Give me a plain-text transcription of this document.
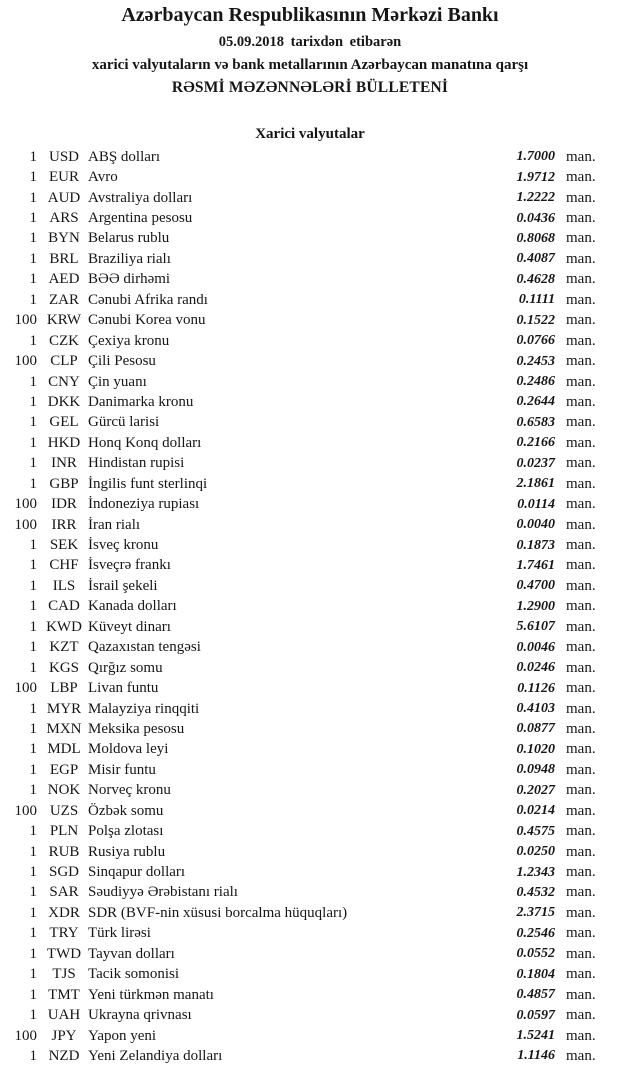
Azərbaycan Respublikasının Mərkəzi Bankı
05.09.2018 tarixdən etibarən
xarici valyutaların və bank metallarının Azərbaycan manatına qarşı
RƏSMİ MƏZƏNNƏLƏRİ BÜLLETENİ
Xarici valyutalar
1 USD ABŞ dolları	1.7000 man.
1 EUR Avro	1.9712 man.
1 AUD Avstraliya dolları	1.2222 man.
1 ARS Argentina pesosu	0.0436 man.
1 BYN Belarus rublu	0.8068 man.
1 BRL Braziliya rialı	0.4087 man.
1 AED BƏƏ dirhəmi	0.4628 man.
1 ZAR Cənubi Afrika randı	0.1111 man.
100 KRW Cənubi Korea vonu	0.1522 man.
1 CZK Çexiya kronu	0.0766 man.
100 CLP Çili Pesosu	0.2453 man.
1 CNY Çin yuanı	0.2486 man.
1 DKK Danimarka kronu	0.2644 man.
1 GEL Gürcü larisi	0.6583 man.
1 HKD Honq Konq dolları	0.2166 man.
1 INR Hindistan rupisi	0.0237 man.
1 GBP İngilis funt sterlinqi	2.1861 man.
100 IDR İndoneziya rupiası	0.0114 man.
100 IRR İran rialı	0.0040 man.
1 SEK İsveç kronu	0.1873 man.
1 CHF İsveçrə frankı	1.7461 man.
1	ILS İsrail şekeli	0.4700 man.
1 CAD Kanada dolları	1.2900 man.
1 KWD Küveyt dinarı	5.6107 man.
1 KZT Qazaxıstan tengəsi	0.0046 man.
1 KGS Qırğız somu	0.0246 man.
100 LBP Livan funtu	0.1126 man.
1 MYR Malayziya rinqqiti	0.4103 man.
1 MXN Meksika pesosu	0.0877 man.
1 MDL Moldova leyi	0.1020 man.
1 EGP Misir funtu	0.0948 man.
1 NOK Norveç kronu	0.2027 man.
100 UZS Özbək somu	0.0214 man.
1 PLN Polşa zlotası	0.4575 man.
1 RUB Rusiya rublu	0.0250 man.
1 SGD Sinqapur dolları	1.2343 man.
1 SAR Səudiyyə Ərəbistanı rialı	0.4532 man.
1 XDR SDR (BVF-nin xüsusi borcalma hüquqları)	2.3715 man.
1 TRY Türk lirəsi	0.2546 man.
1 TWD Tayvan dolları	0.0552 man.
1	TJS Tacik somonisi	0.1804 man.
1 TMT Yeni türkmən manatı	0.4857 man.
1 UAH Ukrayna qrivnası	0.0597 man.
100 JPY Yapon yeni	1.5241 man.
1 NZD Yeni Zelandiya dolları	1.1146 man.
